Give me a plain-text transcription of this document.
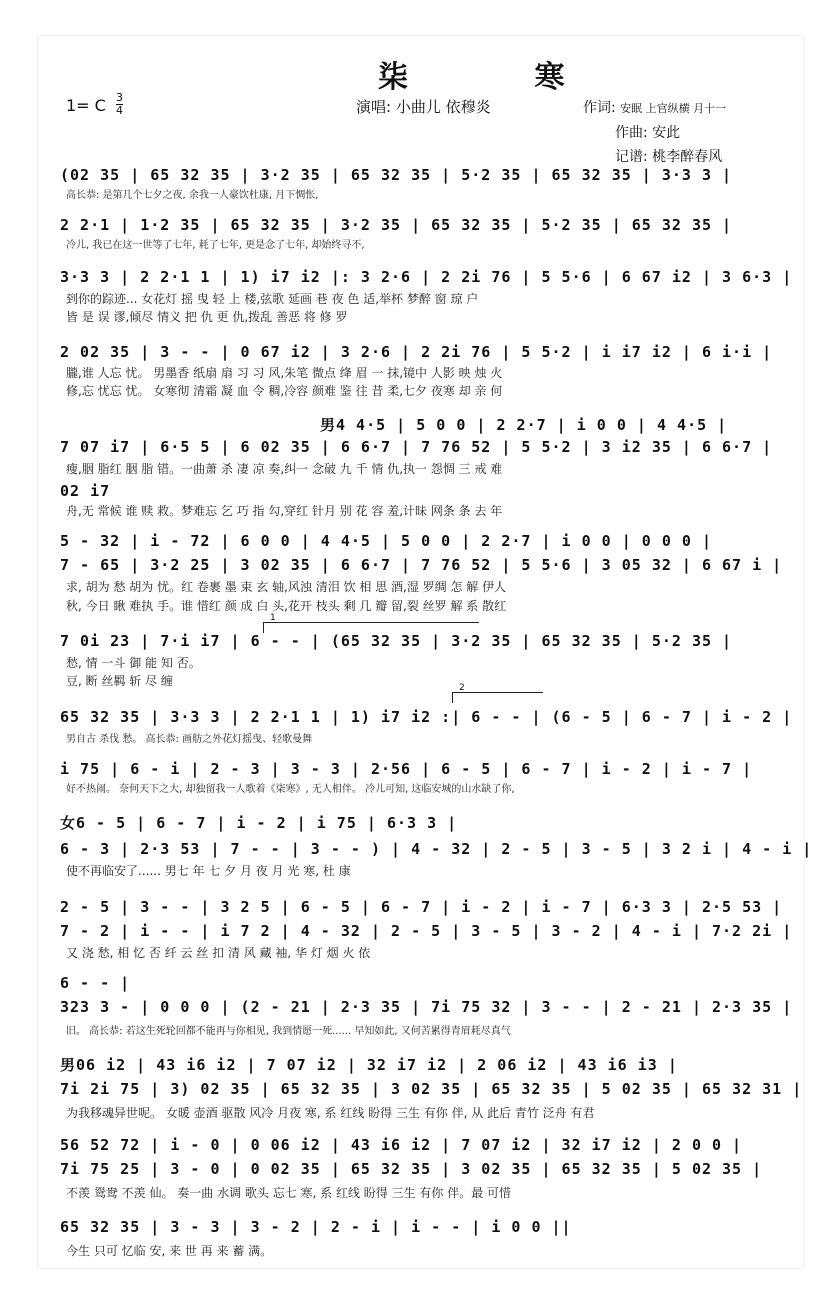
柒 寒
1= C $\frac{3}{4}$	演唱: 小曲儿 依穆炎	作词: 安眠 上官纵横 月十一
作曲: 安此
记谱: 桃李醉春风
1
2
(02 35 | 65 32 35 | 3·2 35 | 65 32 35 | 5·2 35 | 65 32 35 | 3·3 3 |
高长恭: 是第几个七夕之夜, 余我一人豪饮杜康, 月下惆怅,
2 2·1 | 1·2 35 | 65 32 35 | 3·2 35 | 65 32 35 | 5·2 35 | 65 32 35 |
冷儿, 我已在这一世等了七年, 耗了七年, 更是念了七年, 却始终寻不,
3·3 3 | 2 2·1 1 | 1) i7 i2 |: 3 2·6 | 2 2i 76 | 5 5·6 | 6 67 i2 | 3 6·3 |
到你的踪迹... 女花灯 摇 曳 轻 上 楼,弦歌 延画 巷 夜 色 适,举杯 梦醉 窗 琼 户
皆 是 误 谬,倾尽 情义 把 仇 更 仇,拨乱 善恶 将 修 罗
2 02 35 | 3 - - | 0 67 i2 | 3 2·6 | 2 2i 76 | 5 5·2 | i i7 i2 | 6 i·i |
朧,谁 人忘 忧。 男墨香 纸扇 扇 习 习 风,朱笔 微点 绛 眉 一 抹,镜中 人影 映 烛 火
修,忘 忧忘 忧。 女寒彻 清霜 凝 血 令 稠,冷容 颜难 鉴 往 昔 柔,七夕 夜寒 却 亲 何
男4 4·5 | 5 0 0 | 2 2·7 | i 0 0 | 4 4·5 |
7 07 i7 | 6·5 5 | 6 02 35 | 6 6·7 | 7 76 52 | 5 5·2 | 3 i2 35 | 6 6·7 |
瘦,胭 脂红 胭 脂 错。一曲萧 杀 凄 凉 奏,纠一 念破 九 千 情 仇,执一 怨惆 三 戒 难
02 i7
舟,无 常候 谁 赎 救。梦难忘 乞 巧 指 勾,穿红 针月 别 花 容 羞,计昧 网条 条 去 年
5 - 32 | i - 72 | 6 0 0 | 4 4·5 | 5 0 0 | 2 2·7 | i 0 0 | 0 0 0 |
7 - 65 | 3·2 25 | 3 02 35 | 6 6·7 | 7 76 52 | 5 5·6 | 3 05 32 | 6 67 i |
求, 胡为 愁 胡为 忧。红 卷裹 墨 束 玄 轴,风浊 清泪 饮 相 思 酒,湿 罗绸 怎 解 伊人
秋, 今日 瞅 难执 手。谁 惜红 颜 成 白 头,花开 枝头 剩 几 瓣 留,裂 丝罗 解 系 散红
7 0i 23 | 7·i i7 | 6 - - | (65 32 35 | 3·2 35 | 65 32 35 | 5·2 35 |
愁, 情 一斗 御 能 知 否。
豆, 断 丝羁 斩 尽 缠
65 32 35 | 3·3 3 | 2 2·1 1 | 1) i7 i2 :| 6 - - | (6 - 5 | 6 - 7 | i - 2 |
男自古 杀伐 愁。 高长恭: 画舫之外花灯摇曳、轻歌曼舞
i 75 | 6 - i | 2 - 3 | 3 - 3 | 2·56 | 6 - 5 | 6 - 7 | i - 2 | i - 7 |
好不热闹。 奈何天下之大, 却独留我一人歌着《柒寒》, 无人相伴。 冷儿可知, 这临安城的山水缺了你,
女6 - 5 | 6 - 7 | i - 2 | i 75 | 6·3 3 |
6 - 3 | 2·3 53 | 7 - - | 3 - - ) | 4 - 32 | 2 - 5 | 3 - 5 | 3 2 i | 4 - i |
使不再临安了...... 男七 年 七 夕 月 夜 月 光 寒, 杜 康
2 - 5 | 3 - - | 3 2 5 | 6 - 5 | 6 - 7 | i - 2 | i - 7 | 6·3 3 | 2·5 53 |
7 - 2 | i - - | i 7 2 | 4 - 32 | 2 - 5 | 3 - 5 | 3 - 2 | 4 - i | 7·2 2i |
又 浇 愁, 相 忆 否 纤 云 丝 扣 清 风 藏 袖, 华 灯 烟 火 依
6 - - |
323 3 - | 0 0 0 | (2 - 21 | 2·3 35 | 7i 75 32 | 3 - - | 2 - 21 | 2·3 35 |
旧。 高长恭: 若这生死轮回都不能再与你相见, 我到情愿一死...... 早知如此, 又何苦累得青眉耗尽真气
男06 i2 | 43 i6 i2 | 7 07 i2 | 32 i7 i2 | 2 06 i2 | 43 i6 i3 |
7i 2i 75 | 3) 02 35 | 65 32 35 | 3 02 35 | 65 32 35 | 5 02 35 | 65 32 31 |
为我移魂异世呢。 女暖 壶酒 驱散 风冷 月夜 寒, 系 红线 盼得 三生 有你 伴, 从 此后 青竹 泛舟 有君
56 52 72 | i - 0 | 0 06 i2 | 43 i6 i2 | 7 07 i2 | 32 i7 i2 | 2 0 0 |
7i 75 25 | 3 - 0 | 0 02 35 | 65 32 35 | 3 02 35 | 65 32 35 | 5 02 35 |
不羡 鸳鸯 不羡 仙。 奏一曲 水调 歌头 忘七 寒, 系 红线 盼得 三生 有你 伴。最 可惜
65 32 35 | 3 - 3 | 3 - 2 | 2 - i | i - - | i 0 0 ||
今生 只可 忆临 安, 来 世 再 来 蓄 满。
